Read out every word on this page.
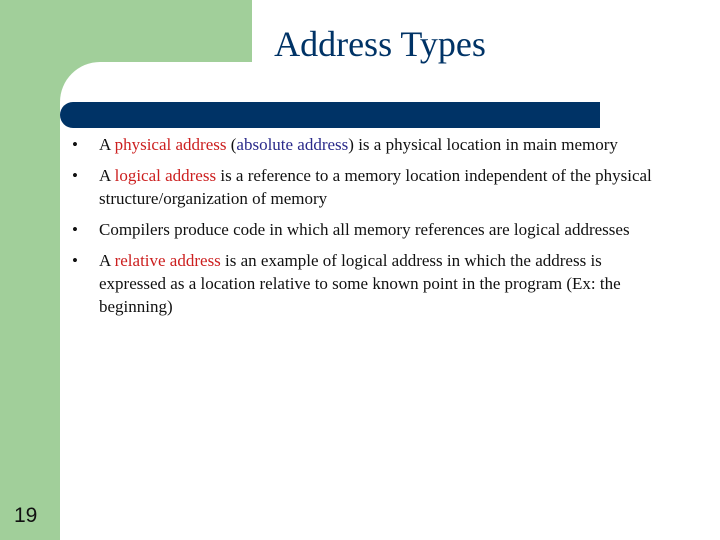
Address Types
•	A physical address (absolute address) is a physical location in main memory
•	A logical address is a reference to a memory location independent of the physical structure/organization of memory
•	Compilers produce code in which all memory references are logical addresses
•	A relative address is an example of logical address in which the address is expressed as a location relative to some known point in the program (Ex: the beginning)
19
